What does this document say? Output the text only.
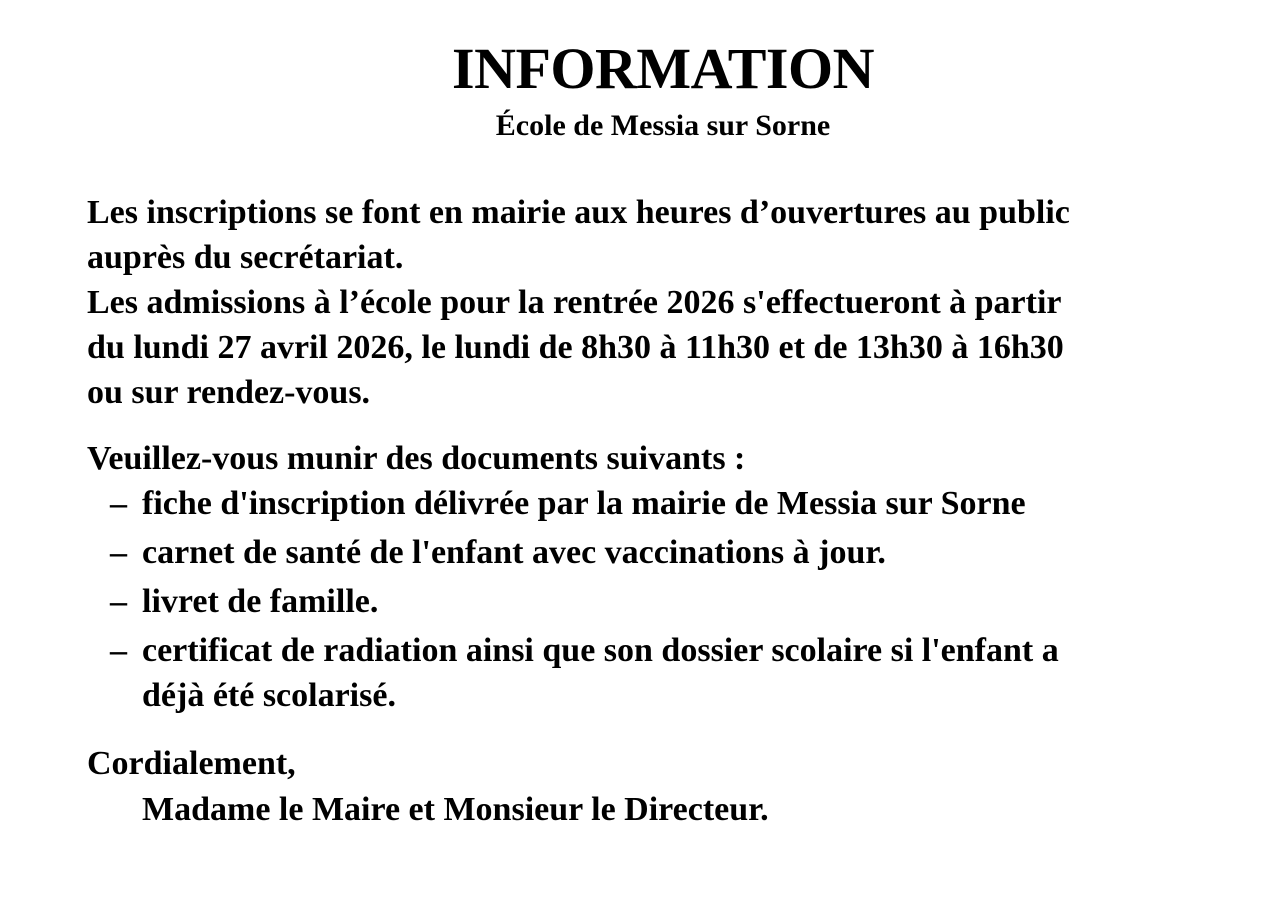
INFORMATION
École de Messia sur Sorne
Les inscriptions se font en mairie aux heures d’ouvertures au public
auprès du secrétariat.
Les admissions à l’école pour la rentrée 2026 s'effectueront à partir
du lundi 27 avril 2026, le lundi de 8h30 à 11h30 et de 13h30 à 16h30
ou sur rendez-vous.
Veuillez-vous munir des documents suivants :
– fiche d'inscription délivrée par la mairie de Messia sur Sorne
– carnet de santé de l'enfant avec vaccinations à jour.
– livret de famille.
– certificat de radiation ainsi que son dossier scolaire si l'enfant a
déjà été scolarisé.
Cordialement,
Madame le Maire et Monsieur le Directeur.
